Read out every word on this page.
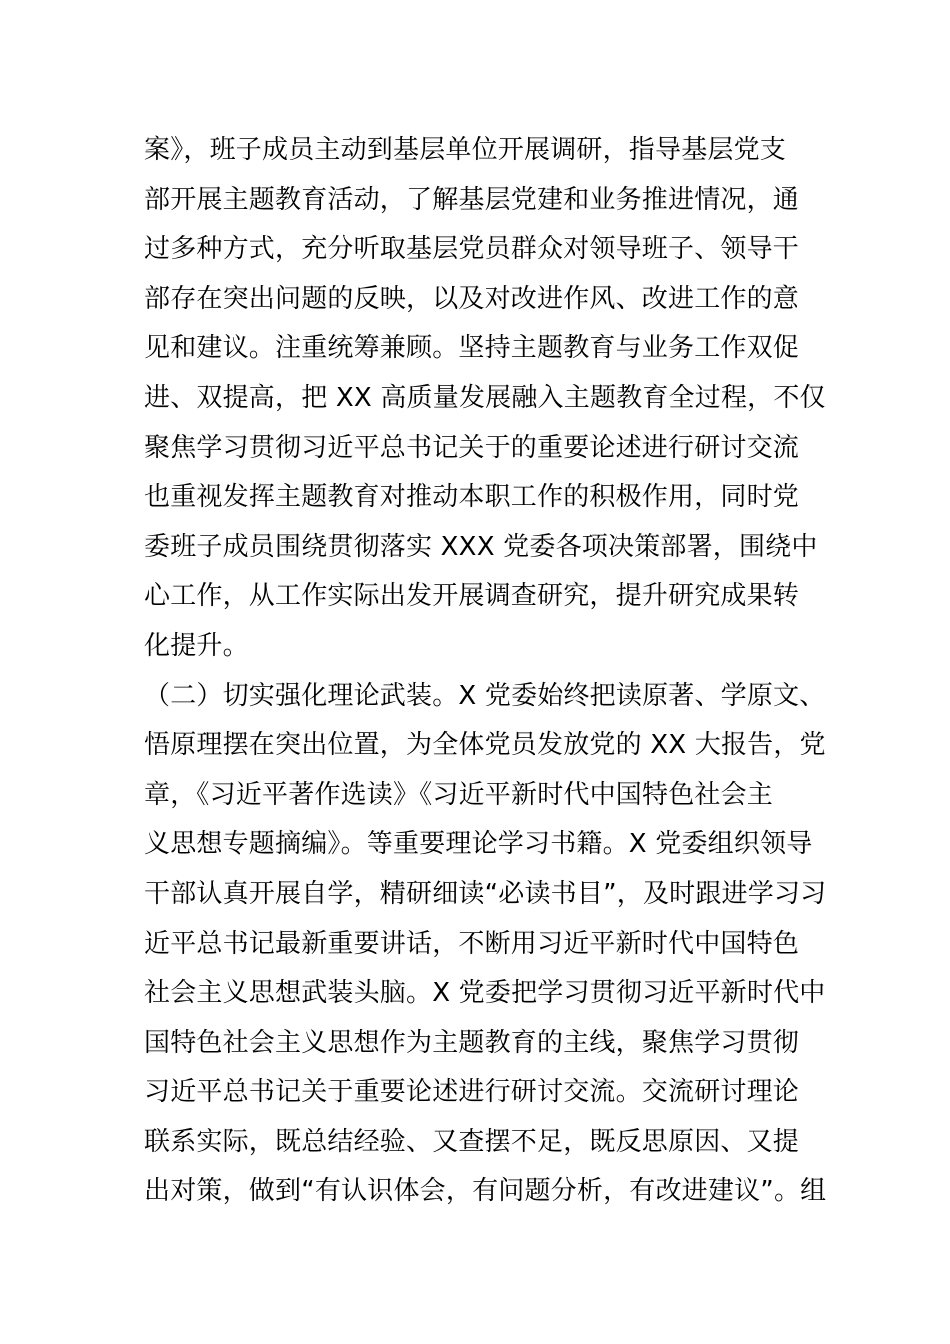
案》，班子成员主动到基层单位开展调研，指导基层党支
部开展主题教育活动，了解基层党建和业务推进情况，通
过多种方式，充分听取基层党员群众对领导班子、领导干
部存在突出问题的反映，以及对改进作风、改进工作的意
见和建议。注重统筹兼顾。坚持主题教育与业务工作双促
进、双提高，把 XX 高质量发展融入主题教育全过程，不仅
聚焦学习贯彻习近平总书记关于的重要论述进行研讨交流
也重视发挥主题教育对推动本职工作的积极作用，同时党
委班子成员围绕贯彻落实 XXX 党委各项决策部署，围绕中
心工作，从工作实际出发开展调查研究，提升研究成果转
化提升。
（二）切实强化理论武装。X 党委始终把读原著、学原文、
悟原理摆在突出位置，为全体党员发放党的 XX 大报告，党
章，《习近平著作选读》《习近平新时代中国特色社会主
义思想专题摘编》。等重要理论学习书籍。X 党委组织领导
干部认真开展自学，精研细读“必读书目”，及时跟进学习习
近平总书记最新重要讲话，不断用习近平新时代中国特色
社会主义思想武装头脑。X 党委把学习贯彻习近平新时代中
国特色社会主义思想作为主题教育的主线，聚焦学习贯彻
习近平总书记关于重要论述进行研讨交流。交流研讨理论
联系实际，既总结经验、又查摆不足，既反思原因、又提
出对策，做到“有认识体会，有问题分析，有改进建议”。组
